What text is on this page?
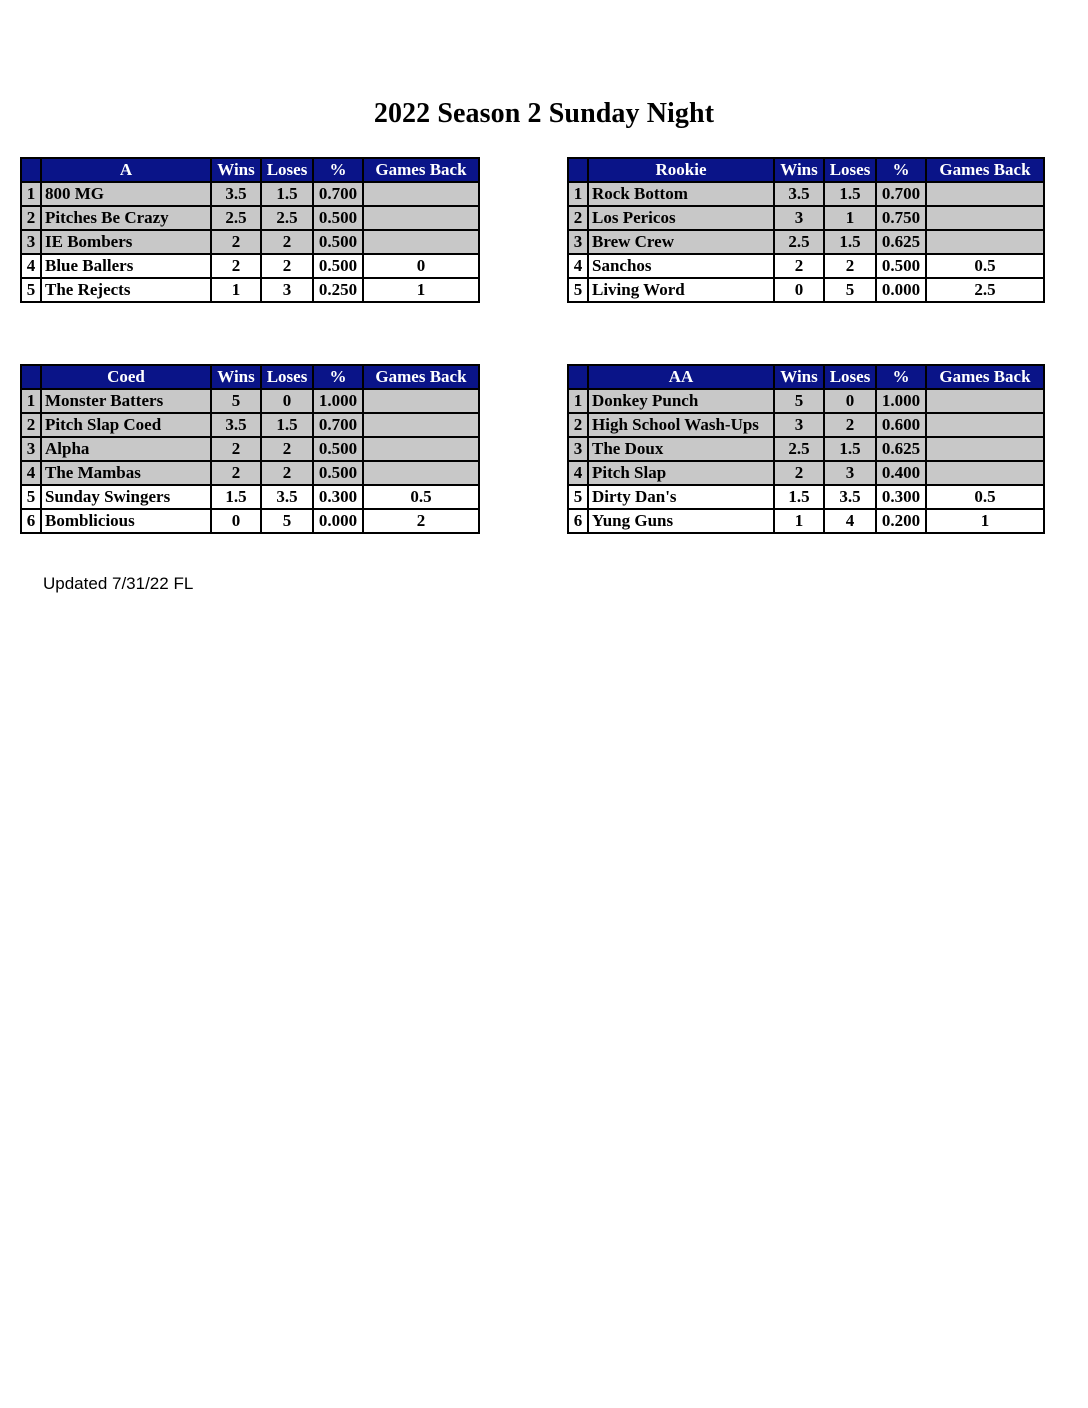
2022 Season 2 Sunday Night
	A	Wins	Loses	%	Games Back
1	800 MG	3.5	1.5	0.700	
2	Pitches Be Crazy	2.5	2.5	0.500	
3	IE Bombers	2	2	0.500	
4	Blue Ballers	2	2	0.500	0
5	The Rejects	1	3	0.250	1
	Rookie	Wins	Loses	%	Games Back
1	Rock Bottom	3.5	1.5	0.700	
2	Los Pericos	3	1	0.750	
3	Brew Crew	2.5	1.5	0.625	
4	Sanchos	2	2	0.500	0.5
5	Living Word	0	5	0.000	2.5
	Coed	Wins	Loses	%	Games Back
1	Monster Batters	5	0	1.000	
2	Pitch Slap Coed	3.5	1.5	0.700	
3	Alpha	2	2	0.500	
4	The Mambas	2	2	0.500	
5	Sunday Swingers	1.5	3.5	0.300	0.5
6	Bomblicious	0	5	0.000	2
	AA	Wins	Loses	%	Games Back
1	Donkey Punch	5	0	1.000	
2	High School Wash-Ups	3	2	0.600	
3	The Doux	2.5	1.5	0.625	
4	Pitch Slap	2	3	0.400	
5	Dirty Dan's	1.5	3.5	0.300	0.5
6	Yung Guns	1	4	0.200	1
Updated 7/31/22 FL
